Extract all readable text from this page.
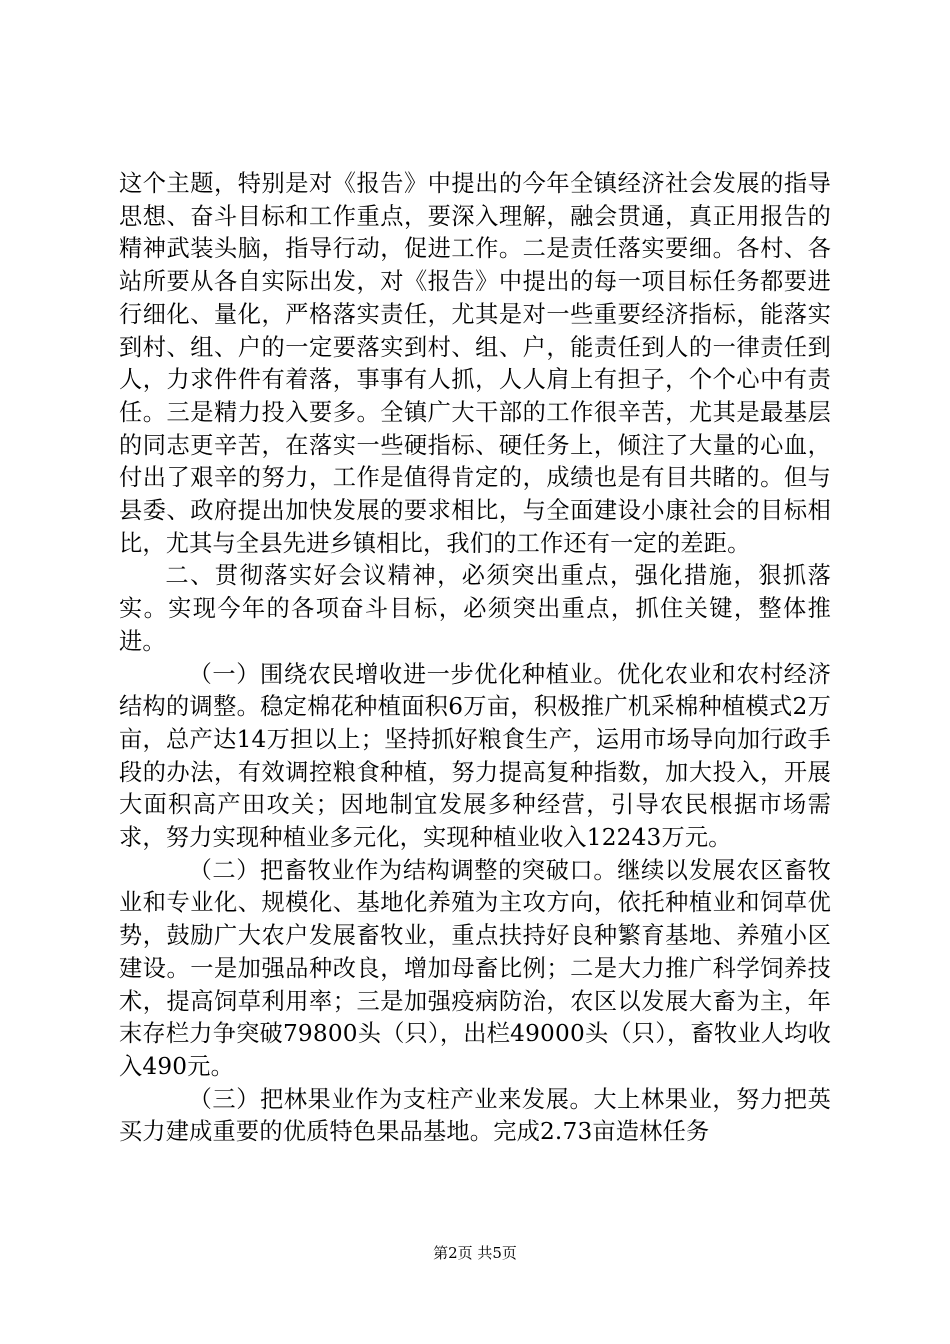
这个主题，特别是对《报告》中提出的今年全镇经济社会发展的指导思想、奋斗目标和工作重点，要深入理解，融会贯通，真正用报告的精神武装头脑，指导行动，促进工作。二是责任落实要细。各村、各站所要从各自实际出发，对《报告》中提出的每一项目标任务都要进行细化、量化，严格落实责任，尤其是对一些重要经济指标，能落实到村、组、户的一定要落实到村、组、户，能责任到人的一律责任到人，力求件件有着落，事事有人抓，人人肩上有担子，个个心中有责任。三是精力投入要多。全镇广大干部的工作很辛苦，尤其是最基层的同志更辛苦，在落实一些硬指标、硬任务上，倾注了大量的心血，付出了艰辛的努力，工作是值得肯定的，成绩也是有目共睹的。但与县委、政府提出加快发展的要求相比，与全面建设小康社会的目标相比，尤其与全县先进乡镇相比，我们的工作还有一定的差距。

二、贯彻落实好会议精神，必须突出重点，强化措施，狠抓落实。实现今年的各项奋斗目标，必须突出重点，抓住关键，整体推进。

（一）围绕农民增收进一步优化种植业。优化农业和农村经济结构的调整。稳定棉花种植面积6万亩，积极推广机采棉种植模式2万亩，总产达14万担以上；坚持抓好粮食生产，运用市场导向加行政手段的办法，有效调控粮食种植，努力提高复种指数，加大投入，开展大面积高产田攻关；因地制宜发展多种经营，引导农民根据市场需求，努力实现种植业多元化，实现种植业收入12243万元。

（二）把畜牧业作为结构调整的突破口。继续以发展农区畜牧业和专业化、规模化、基地化养殖为主攻方向，依托种植业和饲草优势，鼓励广大农户发展畜牧业，重点扶持好良种繁育基地、养殖小区建设。一是加强品种改良，增加母畜比例；二是大力推广科学饲养技术，提高饲草利用率；三是加强疫病防治，农区以发展大畜为主，年末存栏力争突破79800头（只），出栏49000头（只），畜牧业人均收入490元。

（三）把林果业作为支柱产业来发展。大上林果业，努力把英买力建成重要的优质特色果品基地。完成2.73亩造林任务

第2页 共5页
